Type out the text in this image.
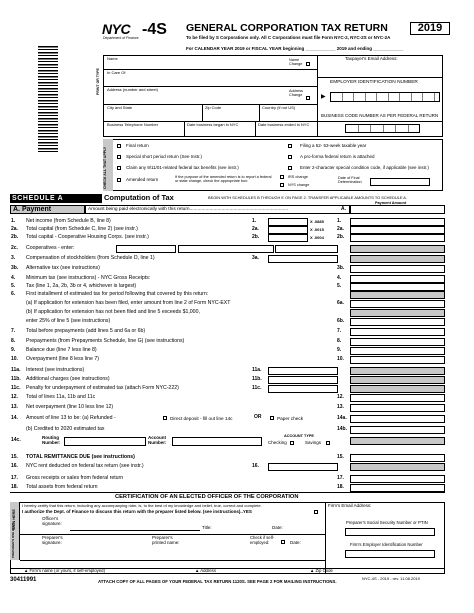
NYC -4S
Department of Finance
GENERAL CORPORATION TAX RETURN	2019
To be filed by S Corporations only. All C Corporations must file Form NYC-2, NYC-2S or NYC-2A
For CALENDAR YEAR 2019 or FISCAL YEAR beginning ____________ 2019 and ending ____________
PRINT OR TYPE
Name	Name Change
Taxpayer's Email Address:
In Care Of
EMPLOYER IDENTIFICATION NUMBER
Address (number and street)	Address Change	▶
City and State	Zip Code	Country (if not US)
BUSINESS CODE NUMBER AS PER FEDERAL RETURN
Business Telephone Number	Date business began in NYC	Date business ended in NYC
CHECK ALL THAT APPLY
Final return
Special short period return (See Instr.)
Claim any 9/11/01-related federal tax benefits (see instr.)
Amended return	If the purpose of the amended return is to report a federal or state change, check the appropriate box:
IRS change
NYS change
Date of Final Determination
Filing a 52- 53-week taxable year
A pro-forma federal return is attached
Enter 2-character special condition code, if applicable (see instr.)
SCHEDULE A	Computation of Tax	BEGIN WITH SCHEDULES B THROUGH E ON PAGE 2. TRANSFER APPLICABLE AMOUNTS TO SCHEDULE A.
Payment Amount
A. Payment	Amount being paid electronically with this return..........................................................................	A.
1. Net income (from Schedule B, line 8)	1.	X .0885	1.
2a. Total capital (from Schedule C, line 2) (see instr.)	2a.	X .0015	2a.
2b. Total capital - Cooperative Housing Corps. (see instr.)	2b.	X .0004	2b.
2c. Cooperatives - enter:
3. Compensation of stockholders (from Schedule D, line 1)	3a.
3b. Alternative tax (see instructions)	3b.
4. Minimum tax (see instructions) - NYC Gross Receipts:	4.
5. Tax (line 1, 2a, 2b, 3b or 4, whichever is largest)	5.
6. First installment of estimated tax for period following that covered by this return:
(a) If application for extension has been filed, enter amount from line 2 of Form NYC-EXT	6a.
(b) If application for extension has not been filed and line 5 exceeds $1,000,
enter 25% of line 5 (see instructions)	6b.
7. Total before prepayments (add lines 5 and 6a or 6b)	7.
8. Prepayments (from Prepayments Schedule, line G) (see instructions)	8.
9. Balance due (line 7 less line 8)	9.
10. Overpayment (line 8 less line 7)	10.
11a. Interest (see instructions)	11a.
11b. Additional charges (see instructions)	11b.
11c. Penalty for underpayment of estimated tax (attach Form NYC-222)	11c.
12. Total of lines 11a, 11b and 11c	12.
13. Net overpayment (line 10 less line 12)	13.
14. Amount of line 13 to be: (a) Refunded -	14a.
(b) Credited to 2020 estimated tax	14b.
14c.
15. TOTAL REMITTANCE DUE (see instructions)	15.
16. NYC rent deducted on federal tax return (see instr.)	16.
17. Gross receipts or sales from federal return	17.
18. Total assets from federal return	18.
Direct deposit - fill out line 14c	OR	Paper check
Routing Number:
Account Number:
ACCOUNT TYPE
Checking	Savings
CERTIFICATION OF AN ELECTED OFFICER OF THE CORPORATION
SIGN HERE
PREPARER'S USE ONLY
I hereby certify that this return, including any accompanying rider, is, to the best of my knowledge and belief, true, correct and complete.
I authorize the Dept. of Finance to discuss this return with the preparer listed below. (see instructions)..YES
Firm's Email Address:
Officer's signature:
Title:	Date:
Preparer's Social Security Number or PTIN
Preparer's signature:
Preparer's printed name:
Check if self-employed:	Date:	Firm's Employer Identification Number
▲ Firm's name (or yours, if self-employed)	▲ Address	▲ Zip Code
30411991	ATTACH COPY OF ALL PAGES OF YOUR FEDERAL TAX RETURN 1120S. SEE PAGE 2 FOR MAILING INSTRUCTIONS.
NYC-4S - 2019 - rev. 11.08.2019
